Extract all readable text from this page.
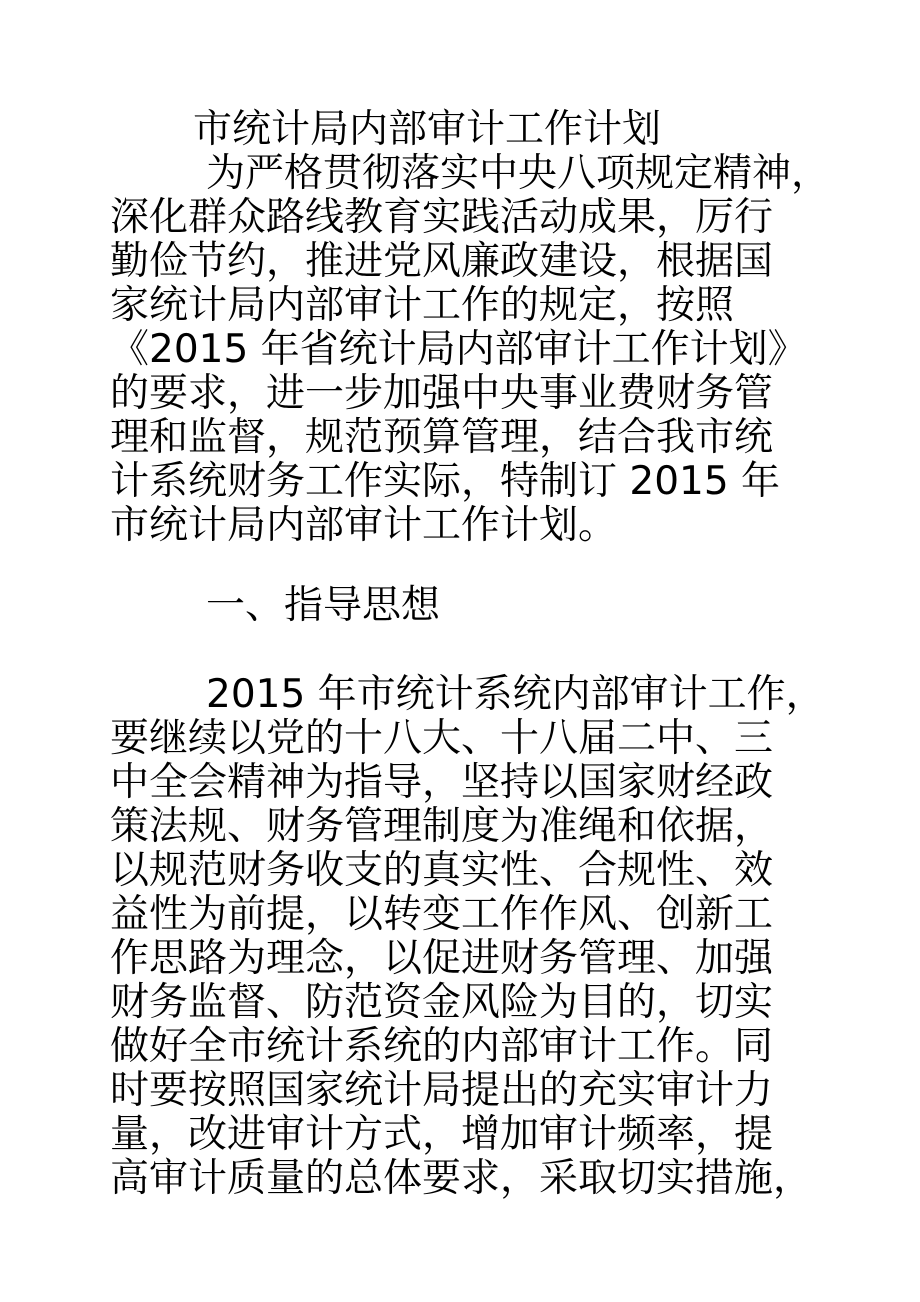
市统计局内部审计工作计划
为严格贯彻落实中央八项规定精神，
深化群众路线教育实践活动成果，厉行
勤俭节约，推进党风廉政建设，根据国
家统计局内部审计工作的规定，按照
《2015 年省统计局内部审计工作计划》
的要求，进一步加强中央事业费财务管
理和监督，规范预算管理，结合我市统
计系统财务工作实际，特制订 2015 年
市统计局内部审计工作计划。
一、指导思想
2015 年市统计系统内部审计工作，
要继续以党的十八大、十八届二中、三
中全会精神为指导，坚持以国家财经政
策法规、财务管理制度为准绳和依据，
以规范财务收支的真实性、合规性、效
益性为前提，以转变工作作风、创新工
作思路为理念，以促进财务管理、加强
财务监督、防范资金风险为目的，切实
做好全市统计系统的内部审计工作。同
时要按照国家统计局提出的充实审计力
量，改进审计方式，增加审计频率，提
高审计质量的总体要求，采取切实措施，
